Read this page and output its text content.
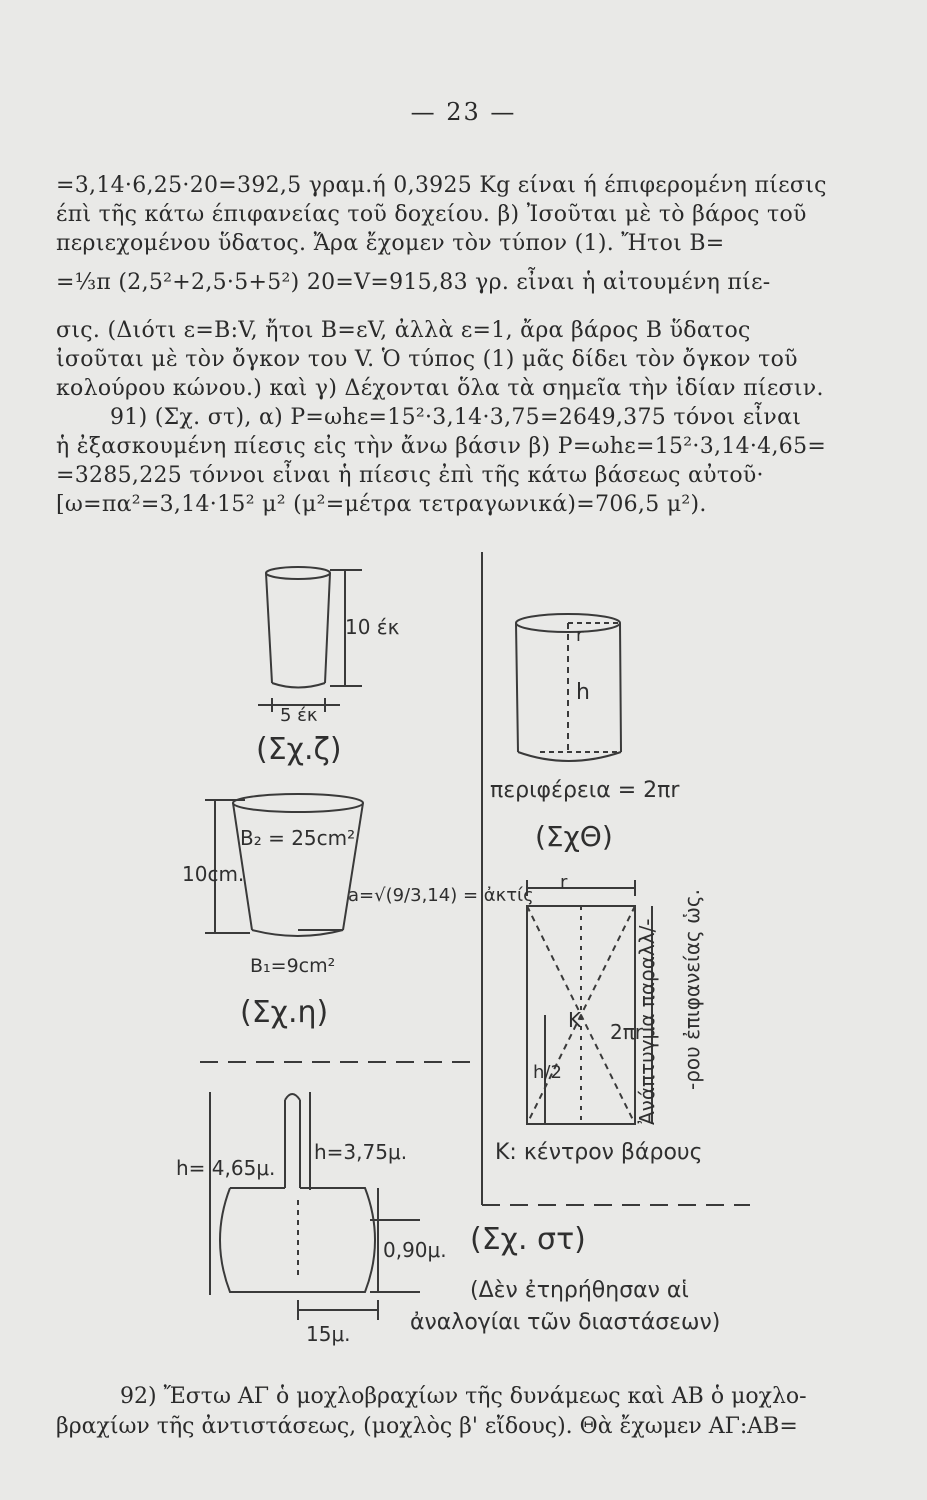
— 23 —
=3,14·6,25·20=392,5 γραμ.ή 0,3925 Kg είναι ή έπιφερομένη πίεσις
έπὶ τῆς κάτω έπιφανείας τοῦ δοχείου. β) Ἰσοῦται μὲ τὸ βάρος τοῦ
περιεχομένου ὕδατος. Ἄρα ἔχομεν τὸν τύπον (1). Ἤτοι B=
=⅓π (2,5²+2,5·5+5²) 20=V=915,83 γρ. εἶναι ἡ αἰτουμένη πίε-
σις. (Διότι ε=B:V, ἤτοι B=εV, ἀλλὰ ε=1, ἄρα βάρος B ὕδατος
ἰσοῦται μὲ τὸν ὄγκον του V. Ὁ τύπος (1) μᾶς δίδει τὸν ὄγκον τοῦ
κολούρου κώνου.) καὶ γ) Δέχονται ὅλα τὰ σημεῖα τὴν ἰδίαν πίεσιν.
91) (Σχ. στ), α) P=ωhε=15²·3,14·3,75=2649,375 τόνοι εἶναι
ἡ ἐξασκουμένη πίεσις εἰς τὴν ἄνω βάσιν β) P=ωhε=15²·3,14·4,65=
=3285,225 τόννοι εἶναι ἡ πίεσις ἐπὶ τῆς κάτω βάσεως αὐτοῦ·
[ω=πα²=3,14·15² μ² (μ²=μέτρα τετραγωνικά)=706,5 μ²).
10 έκ
5 έκ
(Σχ.ζ)
B₂ = 25cm²
10cm.
a=√(9/3,14) = ἀκτίς
B₁=9cm²
(Σχ.η)
r
h
περιφέρεια = 2πr
(ΣχΘ)
r
2πr
K
h/2	Ἀνάπτυγμα παραλλ/- -ρου ἐπιφανείας ὡς.
K: κέντρον βάρους
h= 4,65μ.
h=3,75μ.
0,90μ.
15μ.
(Σχ. στ)
(Δὲν ἐτηρήθησαν αἱ
ἀναλογίαι τῶν διαστάσεων)
92) Ἔστω ΑΓ ὁ μοχλοβραχίων τῆς δυνάμεως καὶ ΑΒ ὁ μοχλο-
βραχίων τῆς ἀντιστάσεως, (μοχλὸς β' εἴδους). Θὰ ἔχωμεν ΑΓ:ΑΒ=
